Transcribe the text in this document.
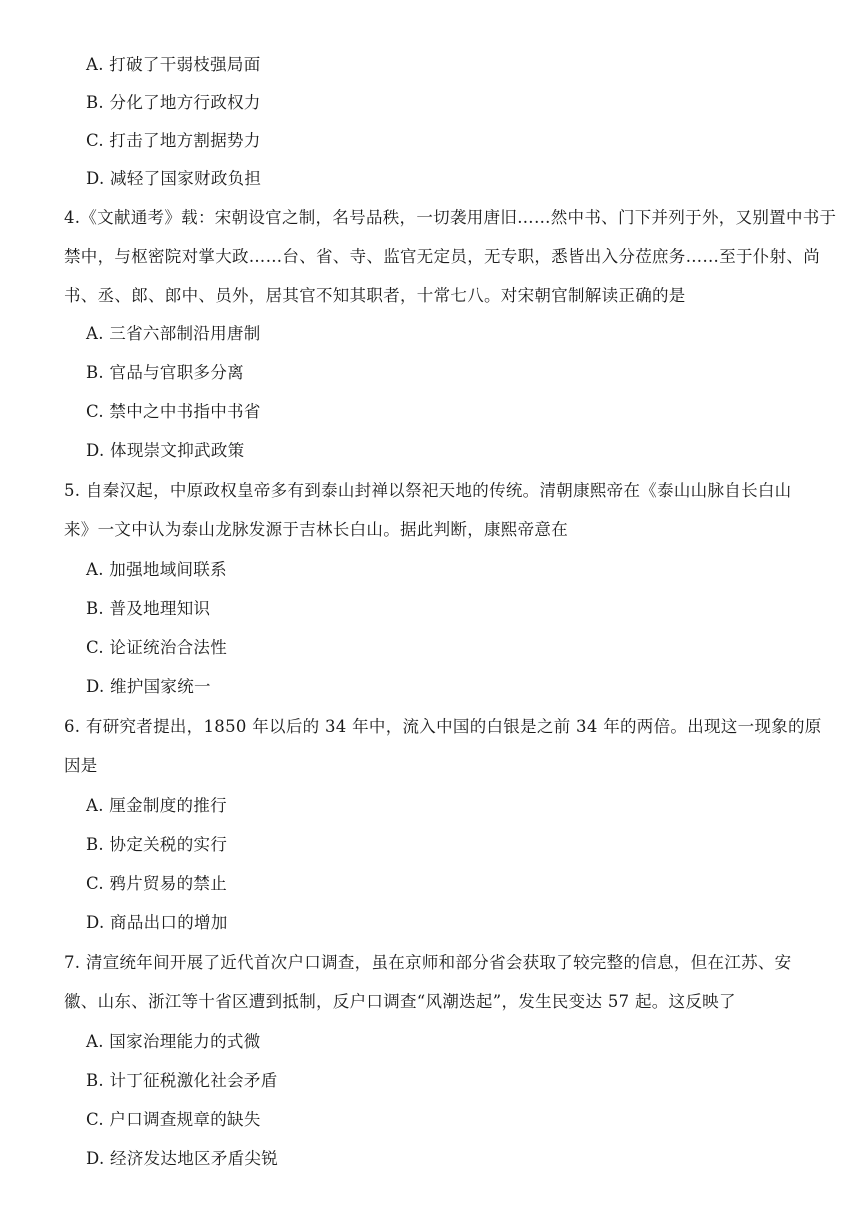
A. 打破了干弱枝强局面
B. 分化了地方行政权力
C. 打击了地方割据势力
D. 减轻了国家财政负担
4.《文献通考》载：宋朝设官之制，名号品秩，一切袭用唐旧……然中书、门下并列于外，又别置中书于
禁中，与枢密院对掌大政……台、省、寺、监官无定员，无专职，悉皆出入分莅庶务……至于仆射、尚
书、丞、郎、郎中、员外，居其官不知其职者，十常七八。对宋朝官制解读正确的是
A. 三省六部制沿用唐制
B. 官品与官职多分离
C. 禁中之中书指中书省
D. 体现崇文抑武政策
5. 自秦汉起，中原政权皇帝多有到泰山封禅以祭祀天地的传统。清朝康熙帝在《泰山山脉自长白山
来》一文中认为泰山龙脉发源于吉林长白山。据此判断，康熙帝意在
A. 加强地域间联系
B. 普及地理知识
C. 论证统治合法性
D. 维护国家统一
6. 有研究者提出，1850 年以后的 34 年中，流入中国的白银是之前 34 年的两倍。出现这一现象的原
因是
A. 厘金制度的推行
B. 协定关税的实行
C. 鸦片贸易的禁止
D. 商品出口的增加
7. 清宣统年间开展了近代首次户口调查，虽在京师和部分省会获取了较完整的信息，但在江苏、安
徽、山东、浙江等十省区遭到抵制，反户口调查“风潮迭起”，发生民变达 57 起。这反映了
A. 国家治理能力的式微
B. 计丁征税激化社会矛盾
C. 户口调查规章的缺失
D. 经济发达地区矛盾尖锐
